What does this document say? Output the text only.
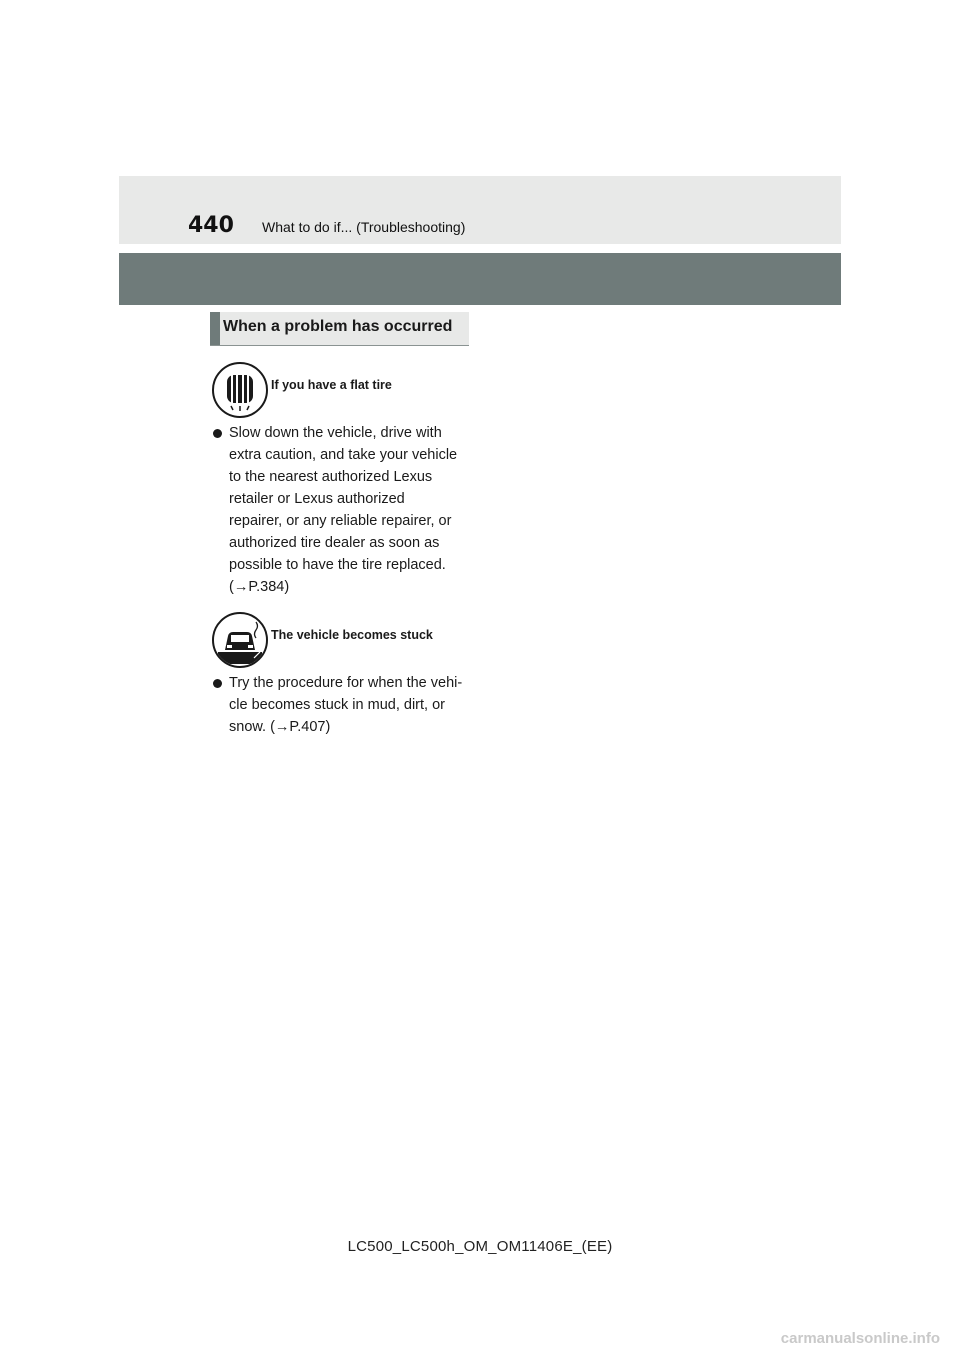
440 What to do if... (Troubleshooting)
When a problem has occurred
If you have a flat tire
Slow down the vehicle, drive with
extra caution, and take your vehicle
to the nearest authorized Lexus
retailer or Lexus authorized
repairer, or any reliable repairer, or
authorized tire dealer as soon as
possible to have the tire replaced.
(→P.384)
The vehicle becomes stuck
Try the procedure for when the vehi-
cle becomes stuck in mud, dirt, or
snow. (→P.407)
LC500_LC500h_OM_OM11406E_(EE)
carmanualsonline.info
